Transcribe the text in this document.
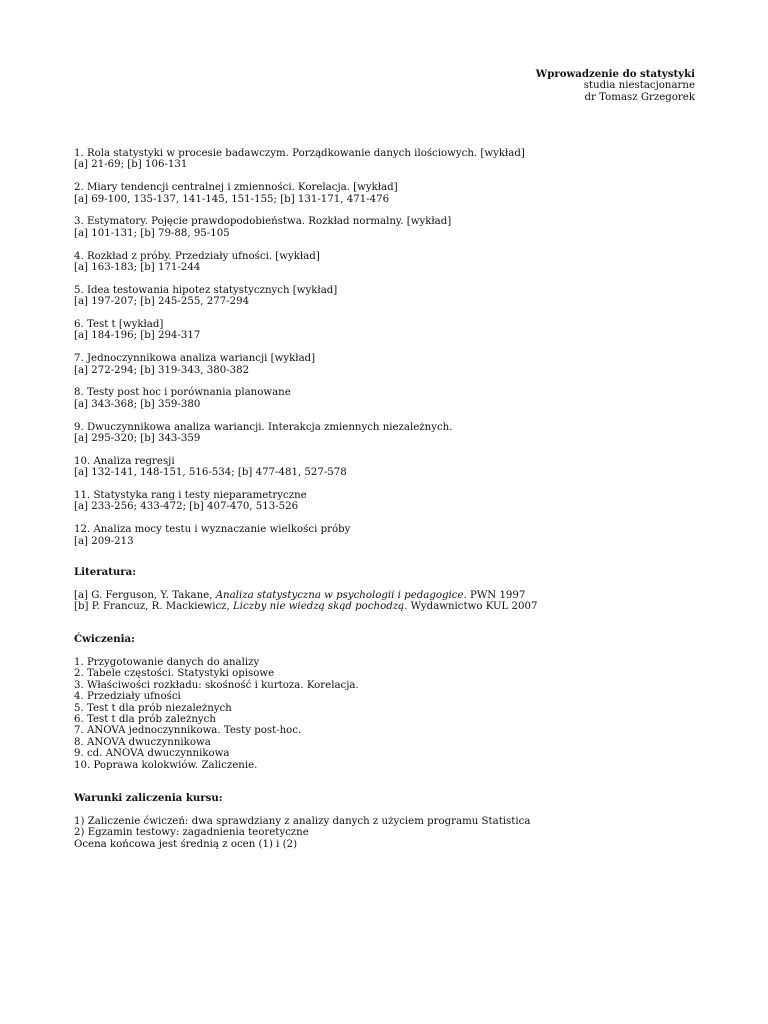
Wprowadzenie do statystyki
studia niestacjonarne
dr Tomasz Grzegorek
1. Rola statystyki w procesie badawczym. Porządkowanie danych ilościowych. [wykład]
[a] 21-69; [b] 106-131
2. Miary tendencji centralnej i zmienności. Korelacja. [wykład]
[a] 69-100, 135-137, 141-145, 151-155; [b] 131-171, 471-476
3. Estymatory. Pojęcie prawdopodobieństwa. Rozkład normalny. [wykład]
[a] 101-131; [b] 79-88, 95-105
4. Rozkład z próby. Przedziały ufności. [wykład]
[a] 163-183; [b] 171-244
5. Idea testowania hipotez statystycznych [wykład]
[a] 197-207; [b] 245-255, 277-294
6. Test t [wykład]
[a] 184-196; [b] 294-317
7. Jednoczynnikowa analiza wariancji [wykład]
[a] 272-294; [b] 319-343, 380-382
8. Testy post hoc i porównania planowane
[a] 343-368; [b] 359-380
9. Dwuczynnikowa analiza wariancji. Interakcja zmiennych niezależnych.
[a] 295-320; [b] 343-359
10. Analiza regresji
[a] 132-141, 148-151, 516-534; [b] 477-481, 527-578
11. Statystyka rang i testy nieparametryczne
[a] 233-256; 433-472; [b] 407-470, 513-526
12. Analiza mocy testu i wyznaczanie wielkości próby
[a] 209-213
Literatura:
[a] G. Ferguson, Y. Takane, Analiza statystyczna w psychologii i pedagogice. PWN 1997
[b] P. Francuz, R. Mackiewicz, Liczby nie wiedzą skąd pochodzą. Wydawnictwo KUL 2007
Ćwiczenia:
1. Przygotowanie danych do analizy
2. Tabele częstości. Statystyki opisowe
3. Właściwości rozkładu: skośność i kurtoza. Korelacja.
4. Przedziały ufności
5. Test t dla prób niezależnych
6. Test t dla prób zależnych
7. ANOVA jednoczynnikowa. Testy post-hoc.
8. ANOVA dwuczynnikowa
9. cd. ANOVA dwuczynnikowa
10. Poprawa kolokwiów. Zaliczenie.
Warunki zaliczenia kursu:
1) Zaliczenie ćwiczeń: dwa sprawdziany z analizy danych z użyciem programu Statistica
2) Egzamin testowy: zagadnienia teoretyczne
Ocena końcowa jest średnią z ocen (1) i (2)
